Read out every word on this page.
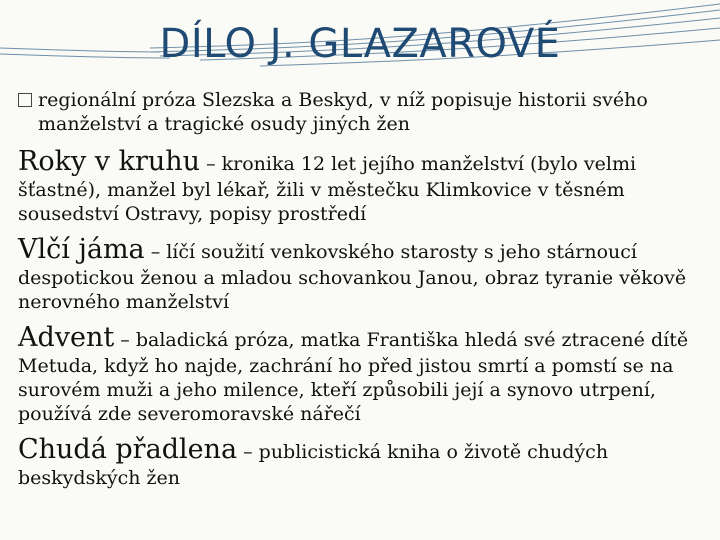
DÍLO J. GLAZAROVÉ

regionální próza Slezska a Beskyd, v níž popisuje historii svého manželství a tragické osudy jiných žen

Roky v kruhu – kronika 12 let jejího manželství (bylo velmi šťastné), manžel byl lékař, žili v městečku Klimkovice v těsném sousedství Ostravy, popisy prostředí

Vlčí jáma – líčí soužití venkovského starosty s jeho stárnoucí despotickou ženou a mladou schovankou Janou, obraz tyranie věkově nerovného manželství

Advent – baladická próza, matka Františka hledá své ztracené dítě Metuda, když ho najde, zachrání ho před jistou smrtí a pomstí se na surovém muži a jeho milence, kteří způsobili její a synovo utrpení, používá zde severomoravské nářečí

Chudá přadlena – publicistická kniha o životě chudých beskydských žen
